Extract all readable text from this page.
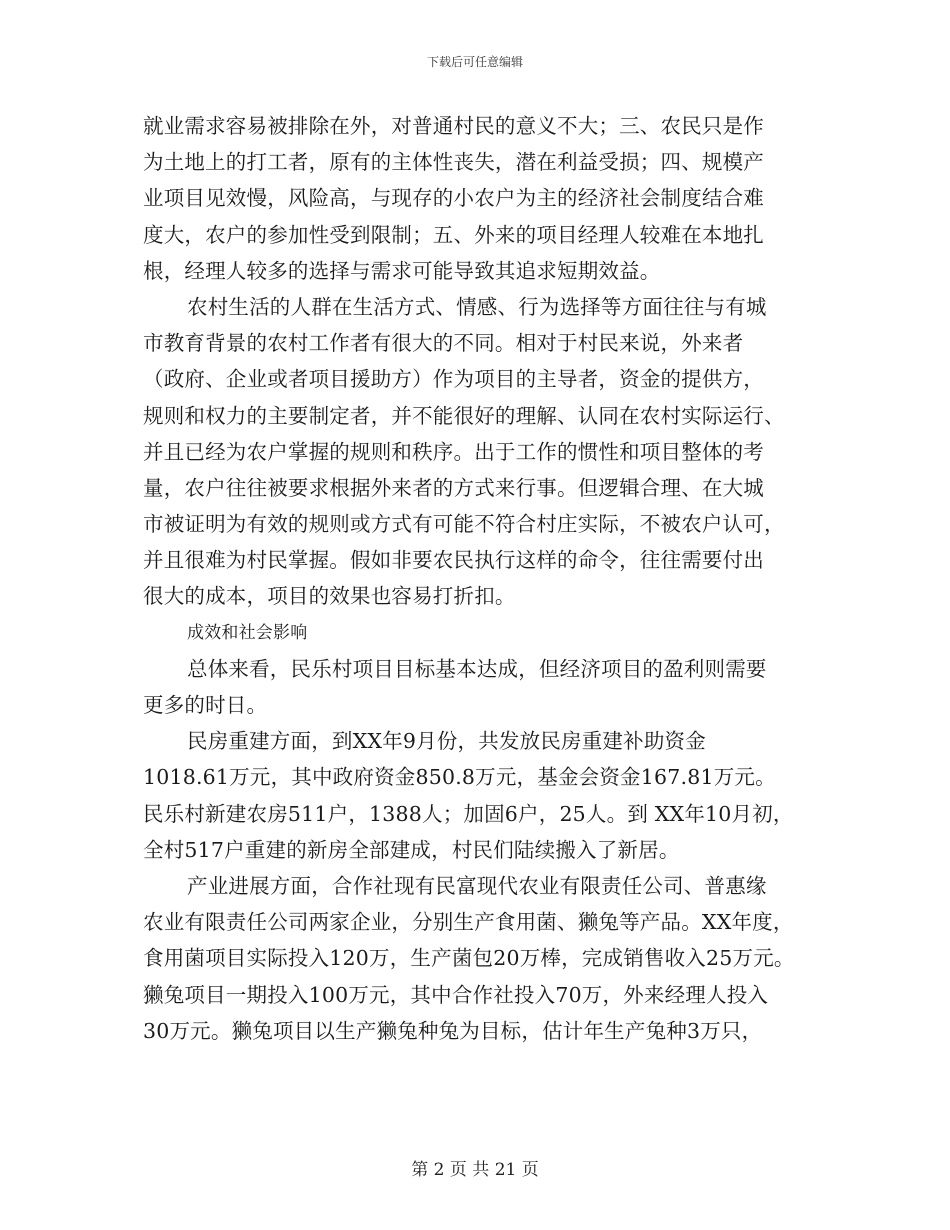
下载后可任意编辑
就业需求容易被排除在外，对普通村民的意义不大；三、农民只是作
为土地上的打工者，原有的主体性丧失，潜在利益受损；四、规模产
业项目见效慢，风险高，与现存的小农户为主的经济社会制度结合难
度大，农户的参加性受到限制；五、外来的项目经理人较难在本地扎
根，经理人较多的选择与需求可能导致其追求短期效益。
农村生活的人群在生活方式、情感、行为选择等方面往往与有城
市教育背景的农村工作者有很大的不同。相对于村民来说，外来者
（政府、企业或者项目援助方）作为项目的主导者，资金的提供方，
规则和权力的主要制定者，并不能很好的理解、认同在农村实际运行、
并且已经为农户掌握的规则和秩序。出于工作的惯性和项目整体的考
量，农户往往被要求根据外来者的方式来行事。但逻辑合理、在大城
市被证明为有效的规则或方式有可能不符合村庄实际，不被农户认可，
并且很难为村民掌握。假如非要农民执行这样的命令，往往需要付出
很大的成本，项目的效果也容易打折扣。
成效和社会影响
总体来看，民乐村项目目标基本达成，但经济项目的盈利则需要
更多的时日。
民房重建方面，到XX年9月份，共发放民房重建补助资金
1018.61万元，其中政府资金850.8万元，基金会资金167.81万元。
民乐村新建农房511户，1388人；加固6户，25人。到 XX年10月初，
全村517户重建的新房全部建成，村民们陆续搬入了新居。
产业进展方面，合作社现有民富现代农业有限责任公司、普惠缘
农业有限责任公司两家企业，分别生产食用菌、獭兔等产品。XX年度，
食用菌项目实际投入120万，生产菌包20万棒，完成销售收入25万元。
獭兔项目一期投入100万元，其中合作社投入70万，外来经理人投入
30万元。獭兔项目以生产獭兔种兔为目标，估计年生产兔种3万只，
第 2 页 共 21 页
